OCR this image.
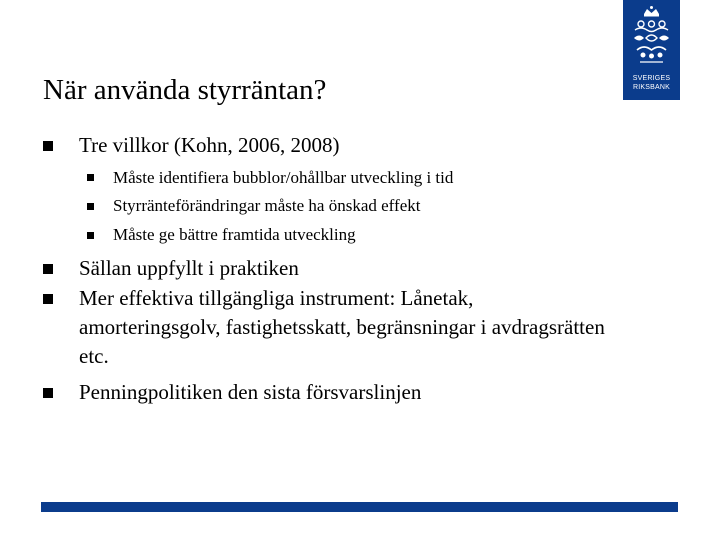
När använda styrräntan?	SVERIGES
RIKSBANK
Tre villkor (Kohn, 2006, 2008)
Måste identifiera bubblor/ohållbar utveckling i tid
Styrränteförändringar måste ha önskad effekt
Måste ge bättre framtida utveckling
Sällan uppfyllt i praktiken
Mer effektiva tillgängliga instrument: Lånetak,
amorteringsgolv, fastighetsskatt, begränsningar i avdragsrätten
etc.
Penningpolitiken den sista försvarslinjen
